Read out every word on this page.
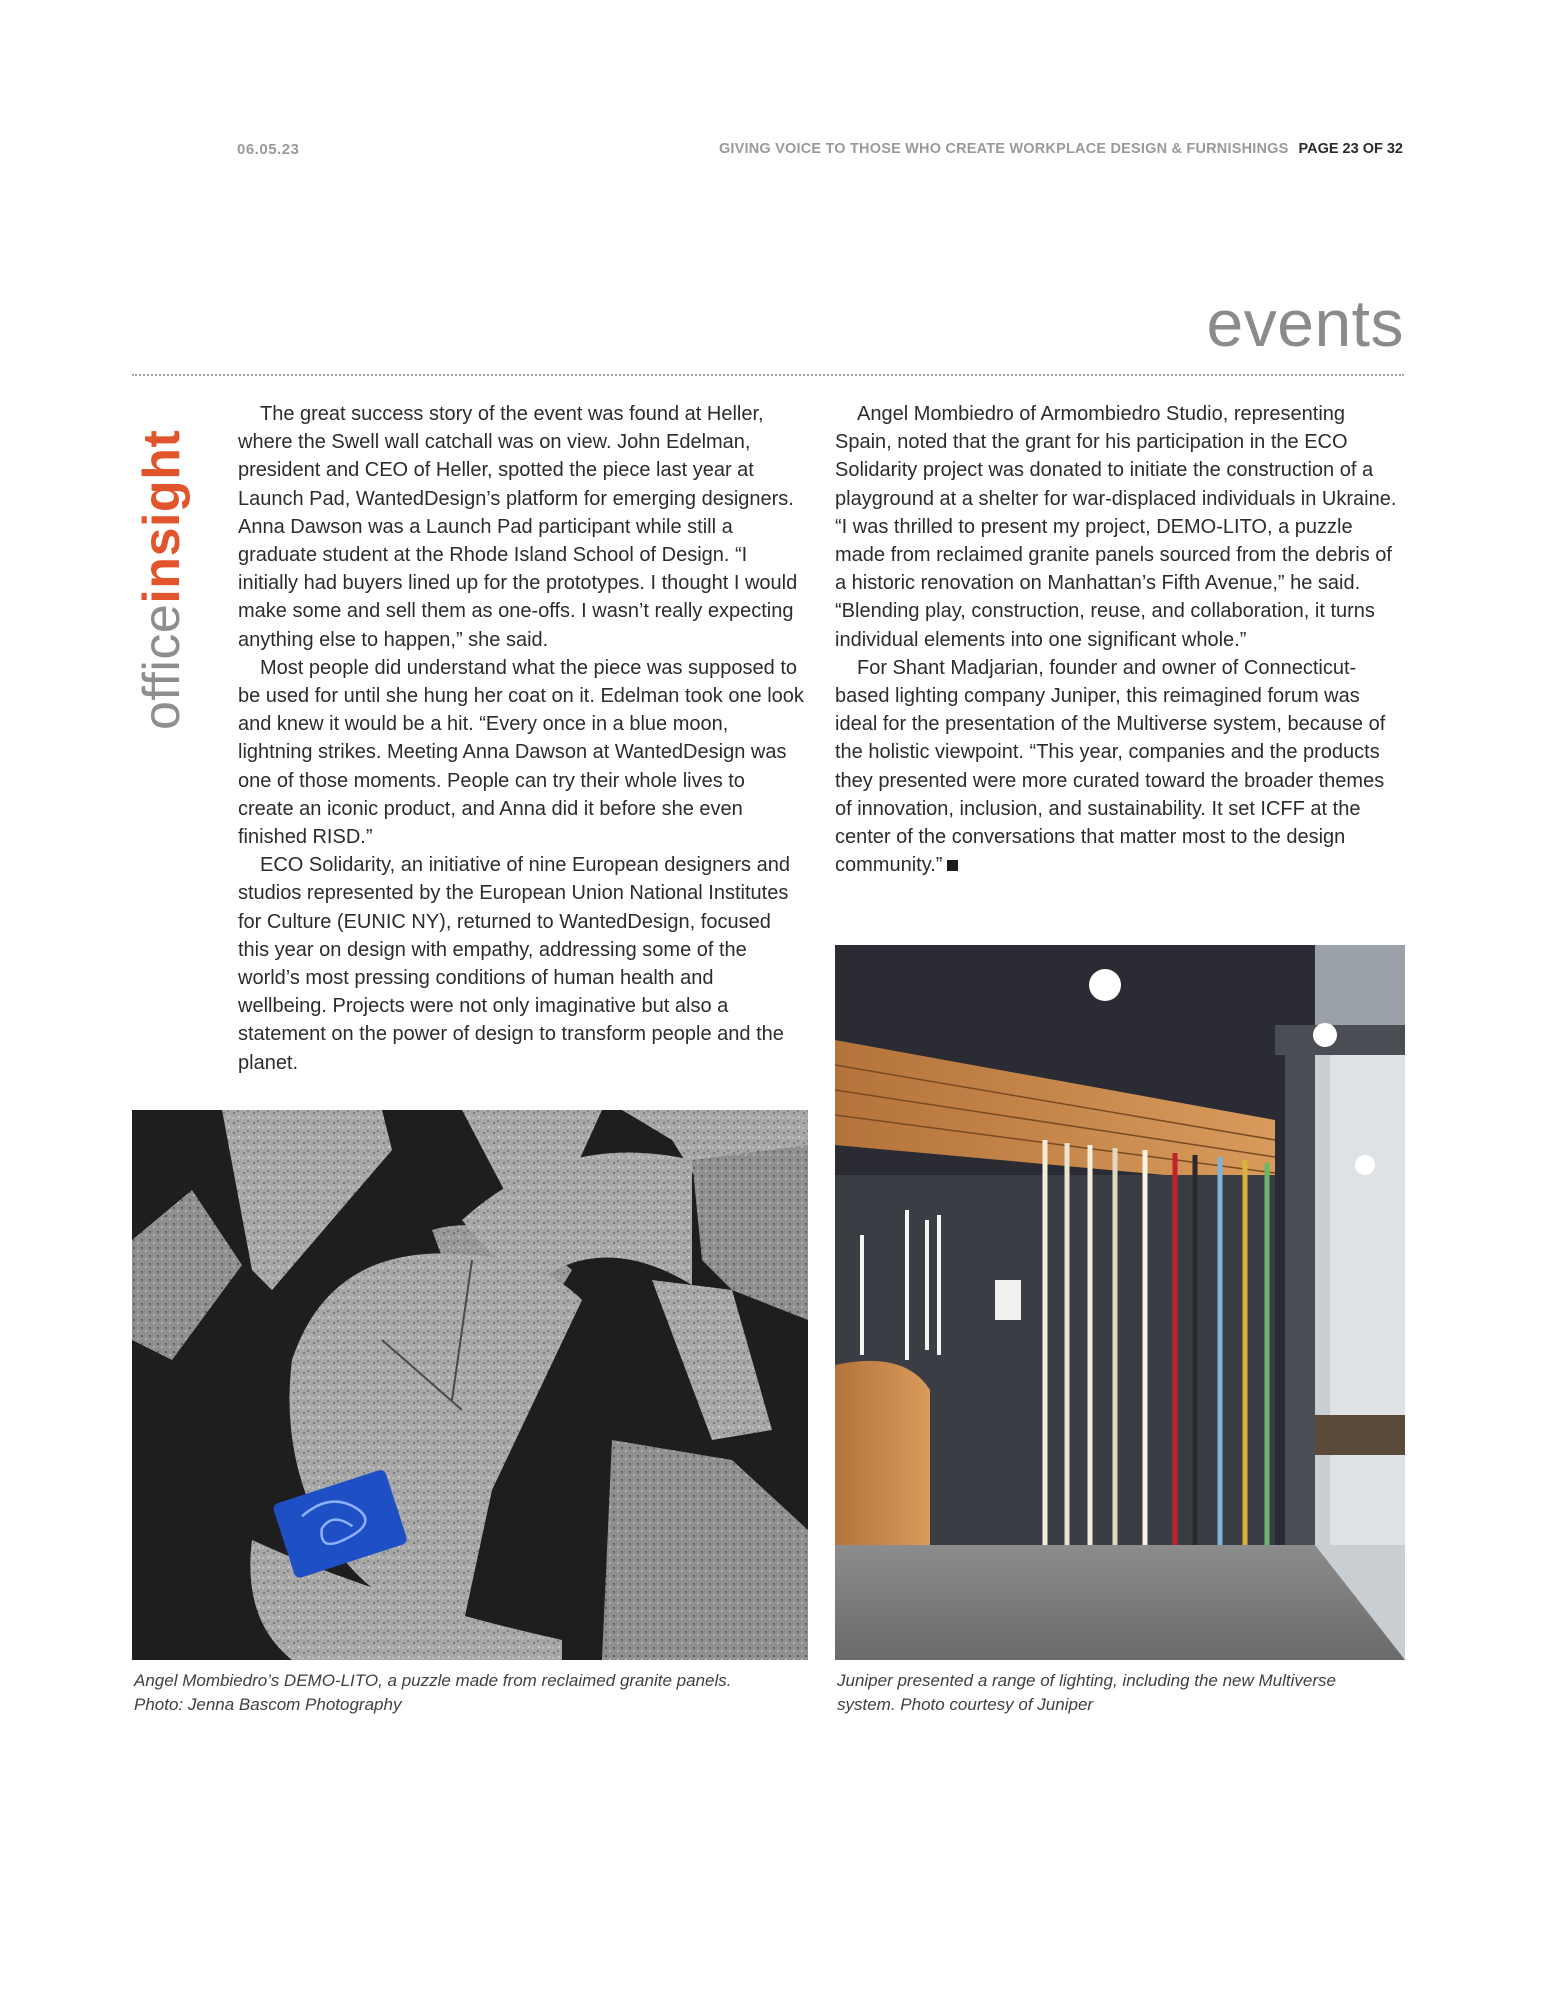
06.05.23	GIVING VOICE TO THOSE WHO CREATE WORKPLACE DESIGN & FURNISHINGS PAGE 23 OF 32
events
officeinsight

The great success story of the event was found at Heller, where the Swell wall catchall was on view. John Edelman, president and CEO of Heller, spotted the piece last year at Launch Pad, WantedDesign’s platform for emerging designers. Anna Dawson was a Launch Pad participant while still a graduate student at the Rhode Island School of Design. “I initially had buyers lined up for the prototypes. I thought I would make some and sell them as one-offs. I wasn’t really expecting anything else to happen,” she said.

Most people did understand what the piece was supposed to be used for until she hung her coat on it. Edelman took one look and knew it would be a hit. “Every once in a blue moon, lightning strikes. Meeting Anna Dawson at WantedDesign was one of those moments. People can try their whole lives to create an iconic product, and Anna did it before she even finished RISD.”

ECO Solidarity, an initiative of nine European designers and studios represented by the European Union National Institutes for Culture (EUNIC NY), returned to WantedDesign, focused this year on design with empathy, addressing some of the world’s most pressing conditions of human health and wellbeing. Projects were not only imaginative but also a statement on the power of design to transform people and the planet.

Angel Mombiedro of Armombiedro Studio, representing Spain, noted that the grant for his participation in the ECO Solidarity project was donated to initiate the construction of a playground at a shelter for war-displaced individuals in Ukraine. “I was thrilled to present my project, DEMO-LITO, a puzzle made from reclaimed granite panels sourced from the debris of a historic renovation on Manhattan’s Fifth Avenue,” he said. “Blending play, construction, reuse, and collaboration, it turns individual elements into one significant whole.”

For Shant Madjarian, founder and owner of Connecticut-based lighting company Juniper, this reimagined forum was ideal for the presentation of the Multiverse system, because of the holistic viewpoint. “This year, companies and the products they presented were more curated toward the broader themes of innovation, inclusion, and sustainability. It set ICFF at the center of the conversations that matter most to the design community.”

Angel Mombiedro’s DEMO-LITO, a puzzle made from reclaimed granite panels.
Photo: Jenna Bascom Photography
Juniper presented a range of lighting, including the new Multiverse
system. Photo courtesy of Juniper
